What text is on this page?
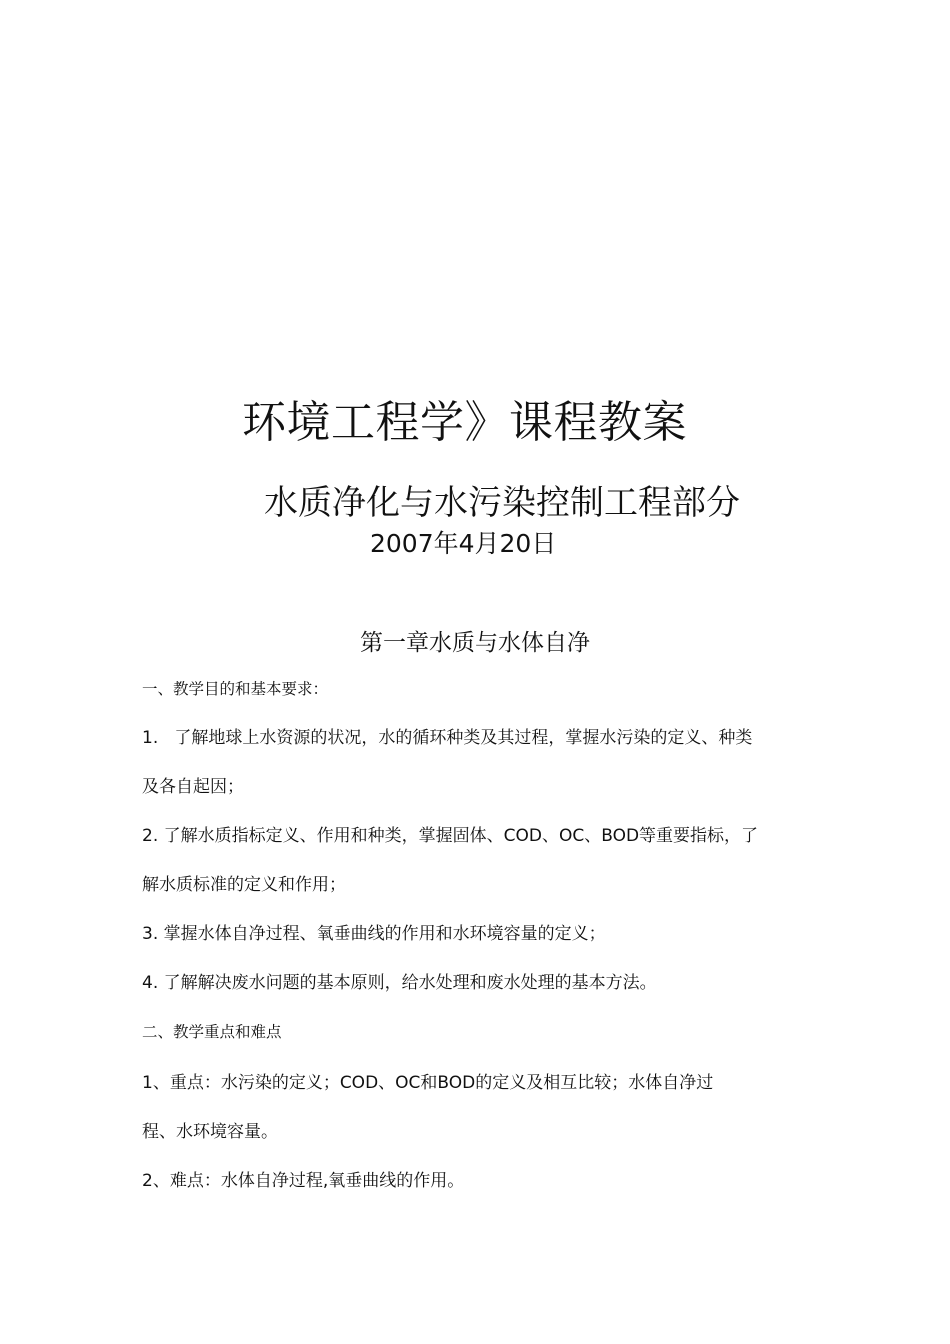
环境工程学》课程教案
水质净化与水污染控制工程部分
2007年4月20日
第一章水质与水体自净
一、教学目的和基本要求：
1.   了解地球上水资源的状况，水的循环种类及其过程，掌握水污染的定义、种类
及各自起因；
2. 了解水质指标定义、作用和种类，掌握固体、COD、OC、BOD等重要指标，了
解水质标准的定义和作用；
3. 掌握水体自净过程、氧垂曲线的作用和水环境容量的定义；
4. 了解解决废水问题的基本原则，给水处理和废水处理的基本方法。
二、教学重点和难点
1、重点：水污染的定义；COD、OC和BOD的定义及相互比较；水体自净过
程、水环境容量。
2、难点：水体自净过程,氧垂曲线的作用。
